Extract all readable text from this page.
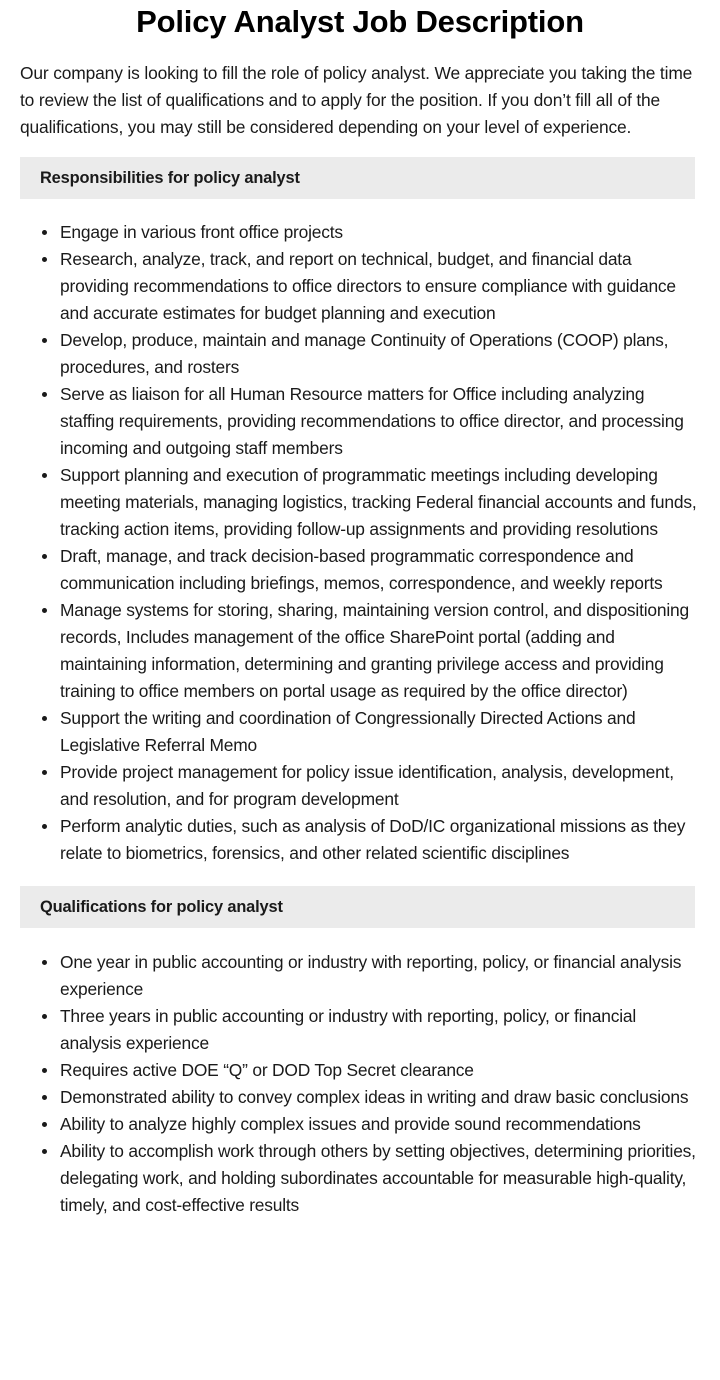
Policy Analyst Job Description

Our company is looking to fill the role of policy analyst. We appreciate you taking the time to review the list of qualifications and to apply for the position. If you don’t fill all of the qualifications, you may still be considered depending on your level of experience.

Responsibilities for policy analyst
Engage in various front office projects
Research, analyze, track, and report on technical, budget, and financial data providing recommendations to office directors to ensure compliance with guidance and accurate estimates for budget planning and execution
Develop, produce, maintain and manage Continuity of Operations (COOP) plans, procedures, and rosters
Serve as liaison for all Human Resource matters for Office including analyzing staffing requirements, providing recommendations to office director, and processing incoming and outgoing staff members
Support planning and execution of programmatic meetings including developing meeting materials, managing logistics, tracking Federal financial accounts and funds, tracking action items, providing follow-up assignments and providing resolutions
Draft, manage, and track decision-based programmatic correspondence and communication including briefings, memos, correspondence, and weekly reports
Manage systems for storing, sharing, maintaining version control, and dispositioning records, Includes management of the office SharePoint portal (adding and maintaining information, determining and granting privilege access and providing training to office members on portal usage as required by the office director)
Support the writing and coordination of Congressionally Directed Actions and Legislative Referral Memo
Provide project management for policy issue identification, analysis, development, and resolution, and for program development
Perform analytic duties, such as analysis of DoD/IC organizational missions as they relate to biometrics, forensics, and other related scientific disciplines
Qualifications for policy analyst
One year in public accounting or industry with reporting, policy, or financial analysis experience
Three years in public accounting or industry with reporting, policy, or financial analysis experience
Requires active DOE “Q” or DOD Top Secret clearance
Demonstrated ability to convey complex ideas in writing and draw basic conclusions
Ability to analyze highly complex issues and provide sound recommendations
Ability to accomplish work through others by setting objectives, determining priorities, delegating work, and holding subordinates accountable for measurable high-quality, timely, and cost-effective results
